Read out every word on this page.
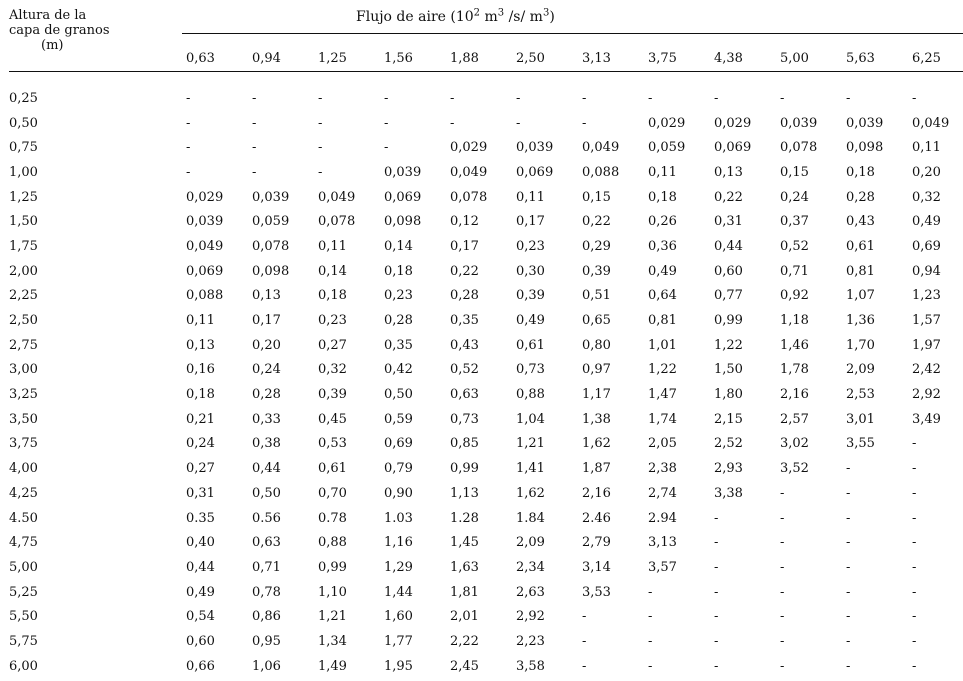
Altura de la
capa de granos
(m)
Flujo de aire ($10^2$ $m^3$ /s/ $m^3$)
	0,63	0,94	1,25	1,56	1,88	2,50	3,13	3,75	4,38	5,00	5,63	6,25

0,25	-	-	-	-	-	-	-	-	-	-	-	-
0,50	-	-	-	-	-	-	-	0,029	0,029	0,039	0,039	0,049
0,75	-	-	-	-	0,029	0,039	0,049	0,059	0,069	0,078	0,098	0,11
1,00	-	-	-	0,039	0,049	0,069	0,088	0,11	0,13	0,15	0,18	0,20
1,25	0,029	0,039	0,049	0,069	0,078	0,11	0,15	0,18	0,22	0,24	0,28	0,32
1,50	0,039	0,059	0,078	0,098	0,12	0,17	0,22	0,26	0,31	0,37	0,43	0,49
1,75	0,049	0,078	0,11	0,14	0,17	0,23	0,29	0,36	0,44	0,52	0,61	0,69
2,00	0,069	0,098	0,14	0,18	0,22	0,30	0,39	0,49	0,60	0,71	0,81	0,94
2,25	0,088	0,13	0,18	0,23	0,28	0,39	0,51	0,64	0,77	0,92	1,07	1,23
2,50	0,11	0,17	0,23	0,28	0,35	0,49	0,65	0,81	0,99	1,18	1,36	1,57
2,75	0,13	0,20	0,27	0,35	0,43	0,61	0,80	1,01	1,22	1,46	1,70	1,97
3,00	0,16	0,24	0,32	0,42	0,52	0,73	0,97	1,22	1,50	1,78	2,09	2,42
3,25	0,18	0,28	0,39	0,50	0,63	0,88	1,17	1,47	1,80	2,16	2,53	2,92
3,50	0,21	0,33	0,45	0,59	0,73	1,04	1,38	1,74	2,15	2,57	3,01	3,49
3,75	0,24	0,38	0,53	0,69	0,85	1,21	1,62	2,05	2,52	3,02	3,55	-
4,00	0,27	0,44	0,61	0,79	0,99	1,41	1,87	2,38	2,93	3,52	-	-
4,25	0,31	0,50	0,70	0,90	1,13	1,62	2,16	2,74	3,38	-	-	-
4.50	0.35	0.56	0.78	1.03	1.28	1.84	2.46	2.94	-	-	-	-
4,75	0,40	0,63	0,88	1,16	1,45	2,09	2,79	3,13	-	-	-	-
5,00	0,44	0,71	0,99	1,29	1,63	2,34	3,14	3,57	-	-	-	-
5,25	0,49	0,78	1,10	1,44	1,81	2,63	3,53	-	-	-	-	-
5,50	0,54	0,86	1,21	1,60	2,01	2,92	-	-	-	-	-	-
5,75	0,60	0,95	1,34	1,77	2,22	2,23	-	-	-	-	-	-
6,00	0,66	1,06	1,49	1,95	2,45	3,58	-	-	-	-	-	-
